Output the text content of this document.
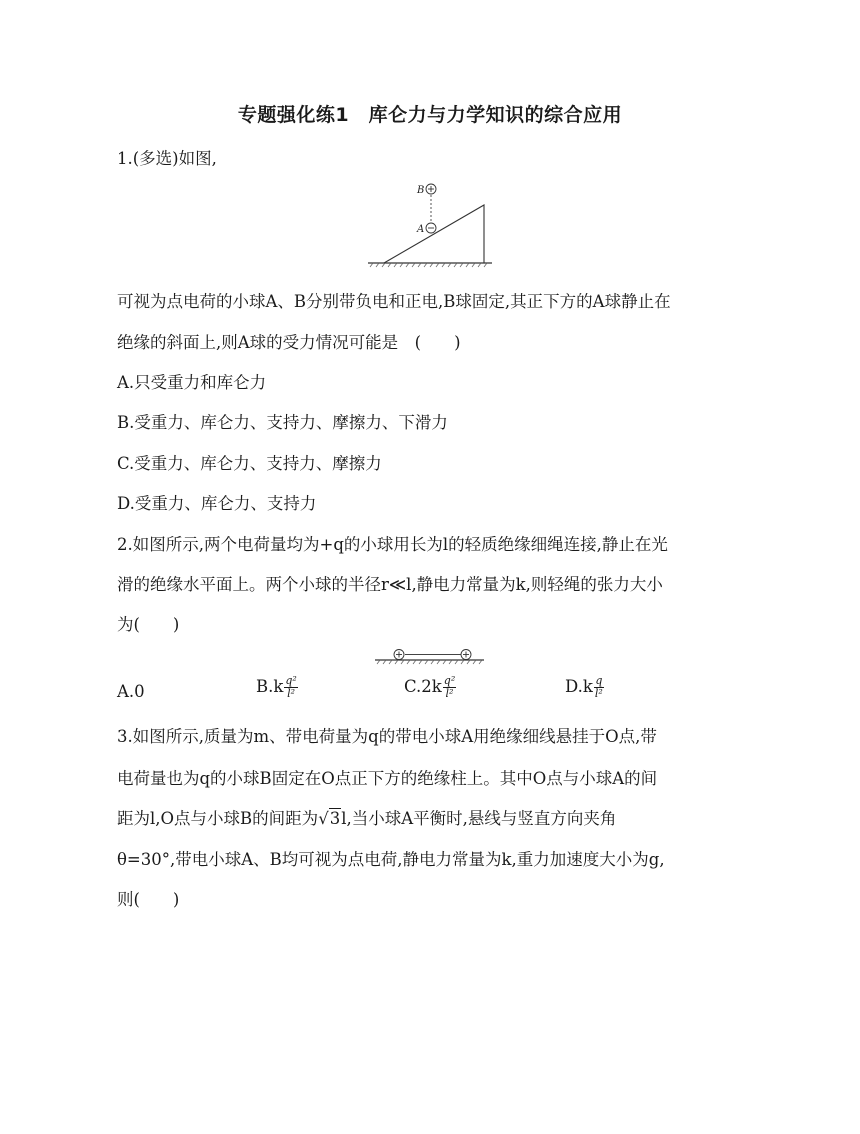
专题强化练1　库仑力与力学知识的综合应用
1.(多选)如图,
B
A
可视为点电荷的小球A、B分别带负电和正电,B球固定,其正下方的A球静止在
绝缘的斜面上,则A球的受力情况可能是　(　　)
A.只受重力和库仑力
B.受重力、库仑力、支持力、摩擦力、下滑力
C.受重力、库仑力、支持力、摩擦力
D.受重力、库仑力、支持力
2.如图所示,两个电荷量均为+q的小球用长为l的轻质绝缘细绳连接,静止在光
滑的绝缘水平面上。两个小球的半径r≪l,静电力常量为k,则轻绳的张力大小
为(　　)
A.0	$B.k \frac{\text{q²}}{\text{l²}}$	$C.2k \frac{\text{q²}}{\text{l²}}$	$D.k \frac{q}{\text{l²}}$
3.如图所示,质量为m、带电荷量为q的带电小球A用绝缘细线悬挂于O点,带
电荷量也为q的小球B固定在O点正下方的绝缘柱上。其中O点与小球A的间
距为l,O点与小球B的间距为√3l,当小球A平衡时,悬线与竖直方向夹角
θ=30°,带电小球A、B均可视为点电荷,静电力常量为k,重力加速度大小为g,
则(　　)
